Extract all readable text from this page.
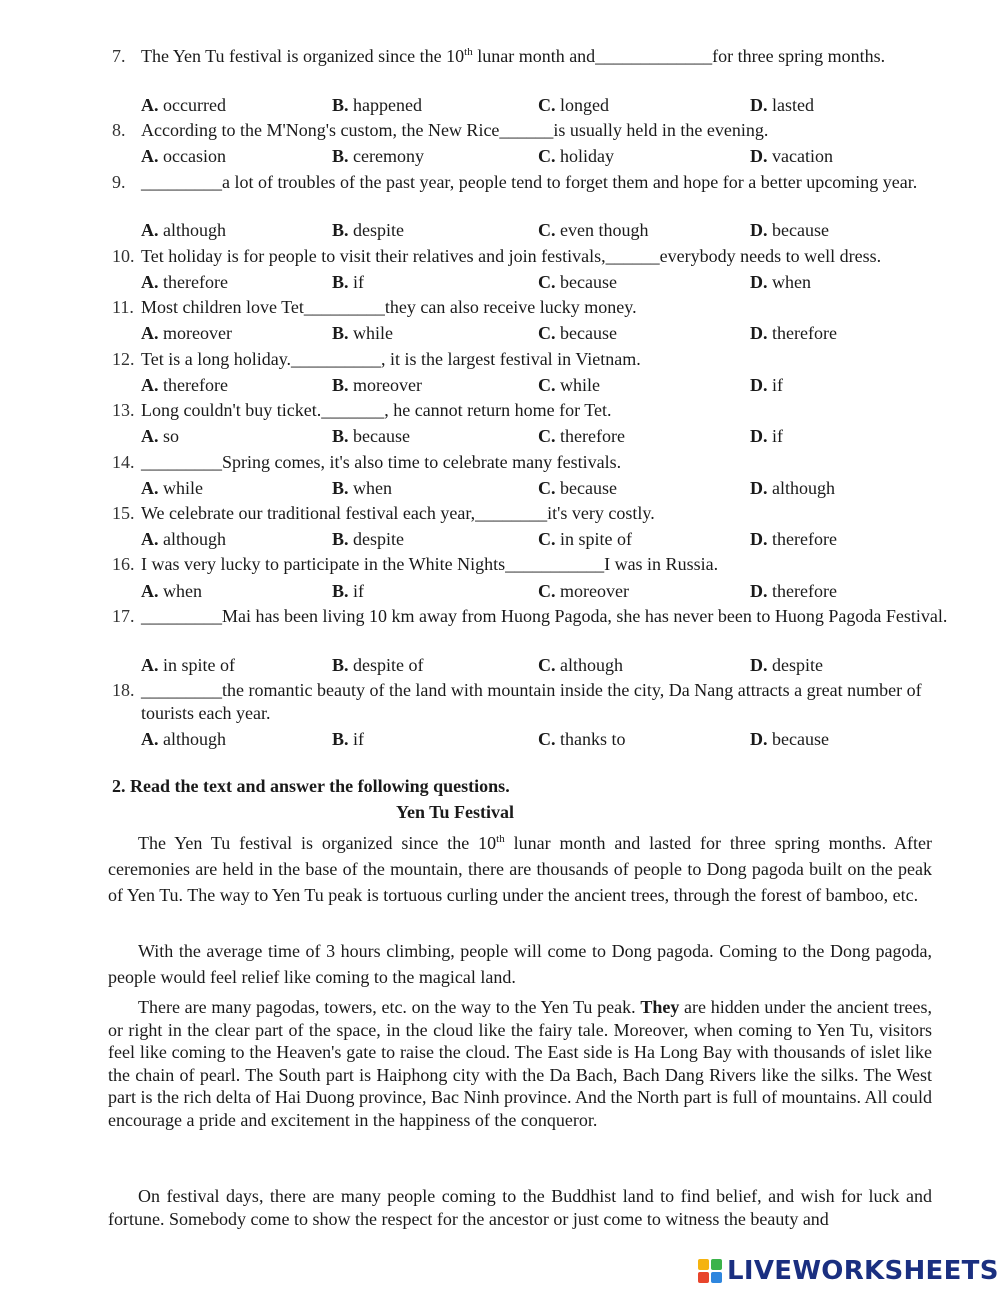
7. The Yen Tu festival is organized since the 10th lunar month and_____________for three spring months.
A. occurred	B. happened	C. longed	D. lasted
8. According to the M'Nong's custom, the New Rice______is usually held in the evening.
A. occasion	B. ceremony	C. holiday	D. vacation
9. _________a lot of troubles of the past year, people tend to forget them and hope for a better upcoming year.
A. although	B. despite	C. even though	D. because
10. Tet holiday is for people to visit their relatives and join festivals,______everybody needs to well dress.
A. therefore	B. if	C. because	D. when
11. Most children love Tet_________they can also receive lucky money.
A. moreover	B. while	C. because	D. therefore
12. Tet is a long holiday.__________, it is the largest festival in Vietnam.
A. therefore	B. moreover	C. while	D. if
13. Long couldn't buy ticket._______, he cannot return home for Tet.
A. so	B. because	C. therefore	D. if
14. _________Spring comes, it's also time to celebrate many festivals.
A. while	B. when	C. because	D. although
15. We celebrate our traditional festival each year,________it's very costly.
A. although	B. despite	C. in spite of	D. therefore
16. I was very lucky to participate in the White Nights___________I was in Russia.
A. when	B. if	C. moreover	D. therefore
17. _________Mai has been living 10 km away from Huong Pagoda, she has never been to Huong Pagoda Festival.
A. in spite of	B. despite of	C. although	D. despite
18. _________the romantic beauty of the land with mountain inside the city, Da Nang attracts a great number of tourists each year.
A. although	B. if	C. thanks to	D. because
2. Read the text and answer the following questions.
Yen Tu Festival

The Yen Tu festival is organized since the 10th lunar month and lasted for three spring months. After ceremonies are held in the base of the mountain, there are thousands of people to Dong pagoda built on the peak of Yen Tu. The way to Yen Tu peak is tortuous curling under the ancient trees, through the forest of bamboo, etc.

With the average time of 3 hours climbing, people will come to Dong pagoda. Coming to the Dong pagoda, people would feel relief like coming to the magical land.

There are many pagodas, towers, etc. on the way to the Yen Tu peak. They are hidden under the ancient trees, or right in the clear part of the space, in the cloud like the fairy tale. Moreover, when coming to Yen Tu, visitors feel like coming to the Heaven's gate to raise the cloud. The East side is Ha Long Bay with thousands of islet like the chain of pearl. The South part is Haiphong city with the Da Bach, Bach Dang Rivers like the silks. The West part is the rich delta of Hai Duong province, Bac Ninh province. And the North part is full of mountains. All could encourage a pride and excitement in the happiness of the conqueror.

On festival days, there are many people coming to the Buddhist land to find belief, and wish for luck and fortune. Somebody come to show the respect for the ancestor or just come to witness the beauty and

LIVEWORKSHEETS
